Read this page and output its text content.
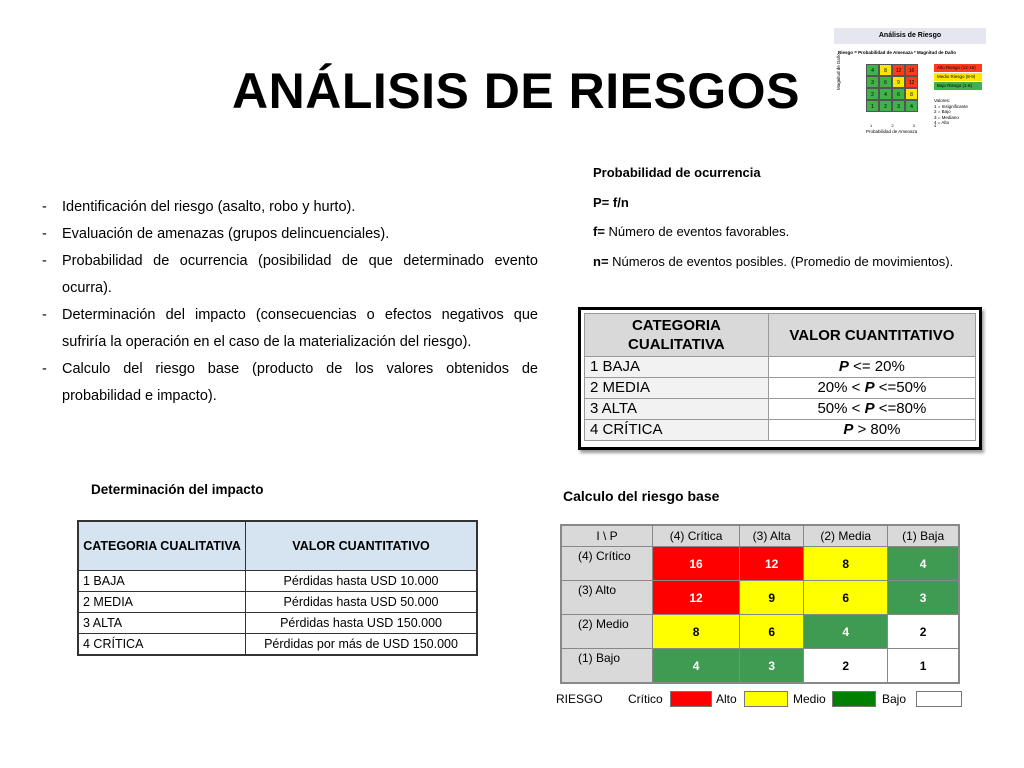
ANÁLISIS DE RIESGOS
Análisis de Riesgo
Riesgo = Probabilidad de Amenaza * Magnitud de Daño
Magnitud de Daño	4	8	12	16
3	6	9	12
2	4	6	8
1	2	3	4
1 2 3 4
Probabilidad de Amenaza
Alto Riesgo (12-16)
Medio Riesgo (8-9)
Bajo Riesgo (1-6)
Valores:
1 = Insignificante
2 = Bajo
3 = Mediano
4 = Alto
-	Identificación del riesgo (asalto, robo y hurto).
-	Evaluación de amenazas (grupos delincuenciales).
-	Probabilidad de ocurrencia (posibilidad de que determinado evento ocurra).
-	Determinación del impacto (consecuencias o efectos negativos que sufriría la operación en el caso de la materialización del riesgo).
-	Calculo del riesgo base (producto de los valores obtenidos de probabilidad e impacto).
Probabilidad de ocurrencia
P= f/n
f= Número de eventos favorables.
n= Números de eventos posibles. (Promedio de movimientos).
CATEGORIA CUALITATIVA	VALOR CUANTITATIVO
1 BAJA	P <= 20%
2 MEDIA	20% < P <=50%
3 ALTA	50% < P <=80%
4 CRÍTICA	P > 80%
Determinación del impacto
CATEGORIA CUALITATIVA	VALOR CUANTITATIVO
1 BAJA	Pérdidas hasta USD 10.000
2 MEDIA	Pérdidas hasta USD 50.000
3 ALTA	Pérdidas hasta USD 150.000
4 CRÍTICA	Pérdidas por más de USD 150.000
Calculo del riesgo base
I \ P	(4) Crítica	(3) Alta	(2) Media	(1) Baja
(4) Crítico	16	12	8	4
(3) Alto	12	9	6	3
(2) Medio	8	6	4	2
(1) Bajo	4	3	2	1
RIESGO Crítico	Alto	Medio	Bajo
